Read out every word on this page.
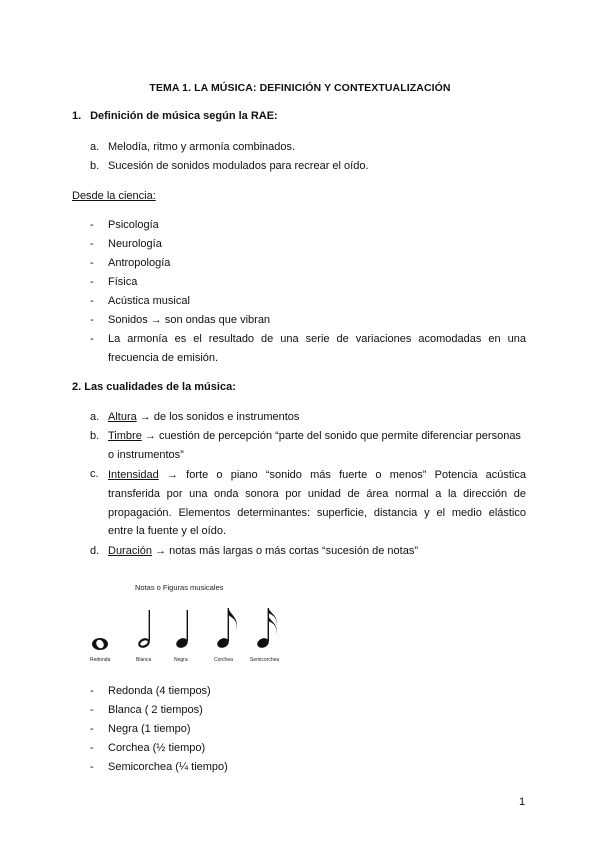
TEMA 1. LA MÚSICA: DEFINICIÓN Y CONTEXTUALIZACIÓN
1. Definición de música según la RAE:
a. Melodía, ritmo y armonía combinados.
b. Sucesión de sonidos modulados para recrear el oído.
Desde la ciencia:
- Psicología
- Neurología
- Antropología
- Física
- Acústica musical
- Sonidos → son ondas que vibran
- La armonía es el resultado de una serie de variaciones acomodadas en una
frecuencia de emisión.
2. Las cualidades de la música:
a. Altura → de los sonidos e instrumentos
b. Timbre → cuestión de percepción “parte del sonido que permite diferenciar personas
o instrumentos”
c. Intensidad → forte o piano “sonido más fuerte o menos” Potencia acústica
transferida por una onda sonora por unidad de área normal a la dirección de
propagación. Elementos determinantes: superficie, distancia y el medio elástico
entre la fuente y el oído.
d. Duración → notas más largas o más cortas “sucesión de notas”
Notas o Figuras musicales
Redonda	Blanca	Negra	Corchea	Semicorchea
- Redonda (4 tiempos)
- Blanca ( 2 tiempos)
- Negra (1 tiempo)
- Corchea (½ tiempo)
- Semicorchea (¼ tiempo)
1
